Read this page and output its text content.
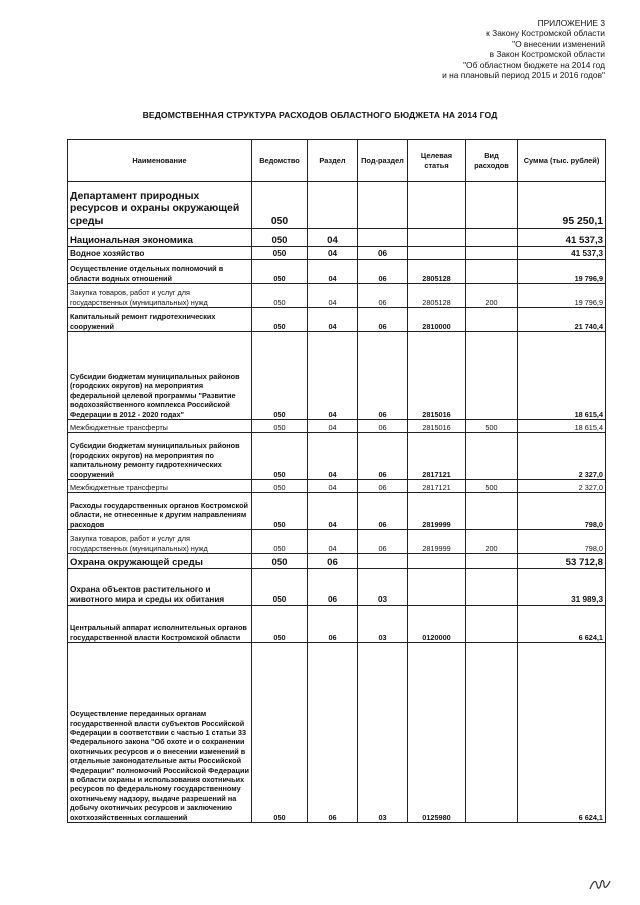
ПРИЛОЖЕНИЕ 3
к Закону Костромской области
"О внесении изменений
в Закон Костромской области
"Об областном бюджете на 2014 год
и на плановый период 2015 и 2016 годов"
ВЕДОМСТВЕННАЯ СТРУКТУРА РАСХОДОВ ОБЛАСТНОГО БЮДЖЕТА НА 2014 ГОД
Наименование	Ведомство	Раздел	Под-раздел	Целевая статья	Вид расходов	Сумма (тыс. рублей)
Департамент природных ресурсов и охраны окружающей среды	050					95 250,1
Национальная экономика	050	04				41 537,3
Водное хозяйство	050	04	06			41 537,3
Осуществление отдельных полномочий в области водных отношений	050	04	06	2805128		19 796,9
Закупка товаров, работ и услуг для государственных (муниципальных) нужд	050	04	06	2805128	200	19 796,9
Капитальный ремонт гидротехнических сооружений	050	04	06	2810000		21 740,4
Субсидии бюджетам муниципальных районов (городских округов) на мероприятия федеральной целевой программы "Развитие водохозяйственного комплекса Российской Федерации в 2012 - 2020 годах"	050	04	06	2815016		18 615,4
Межбюджетные трансферты	050	04	06	2815016	500	18 615,4
Субсидии бюджетам муниципальных районов (городских округов) на мероприятия по капитальному ремонту гидротехнических сооружений	050	04	06	2817121		2 327,0
Межбюджетные трансферты	050	04	06	2817121	500	2 327,0
Расходы государственных органов Костромской области, не отнесенные к другим направлениям расходов	050	04	06	2819999		798,0
Закупка товаров, работ и услуг для государственных (муниципальных) нужд	050	04	06	2819999	200	798,0
Охрана окружающей среды	050	06				53 712,8
Охрана объектов растительного и животного мира и среды их обитания	050	06	03			31 989,3
Центральный аппарат исполнительных органов государственной власти Костромской области	050	06	03	0120000		6 624,1
Осуществление переданных органам государственной власти субъектов Российской Федерации в соответствии с частью 1 статьи 33 Федерального закона "Об охоте и о сохранении охотничьих ресурсов и о внесении изменений в отдельные законодательные акты Российской Федерации" полномочий Российской Федерации в области охраны и использования охотничьих ресурсов по федеральному государственному охотничьему надзору, выдаче разрешений на добычу охотничьих ресурсов и заключению охотхозяйственных соглашений	050	06	03	0125980		6 624,1
